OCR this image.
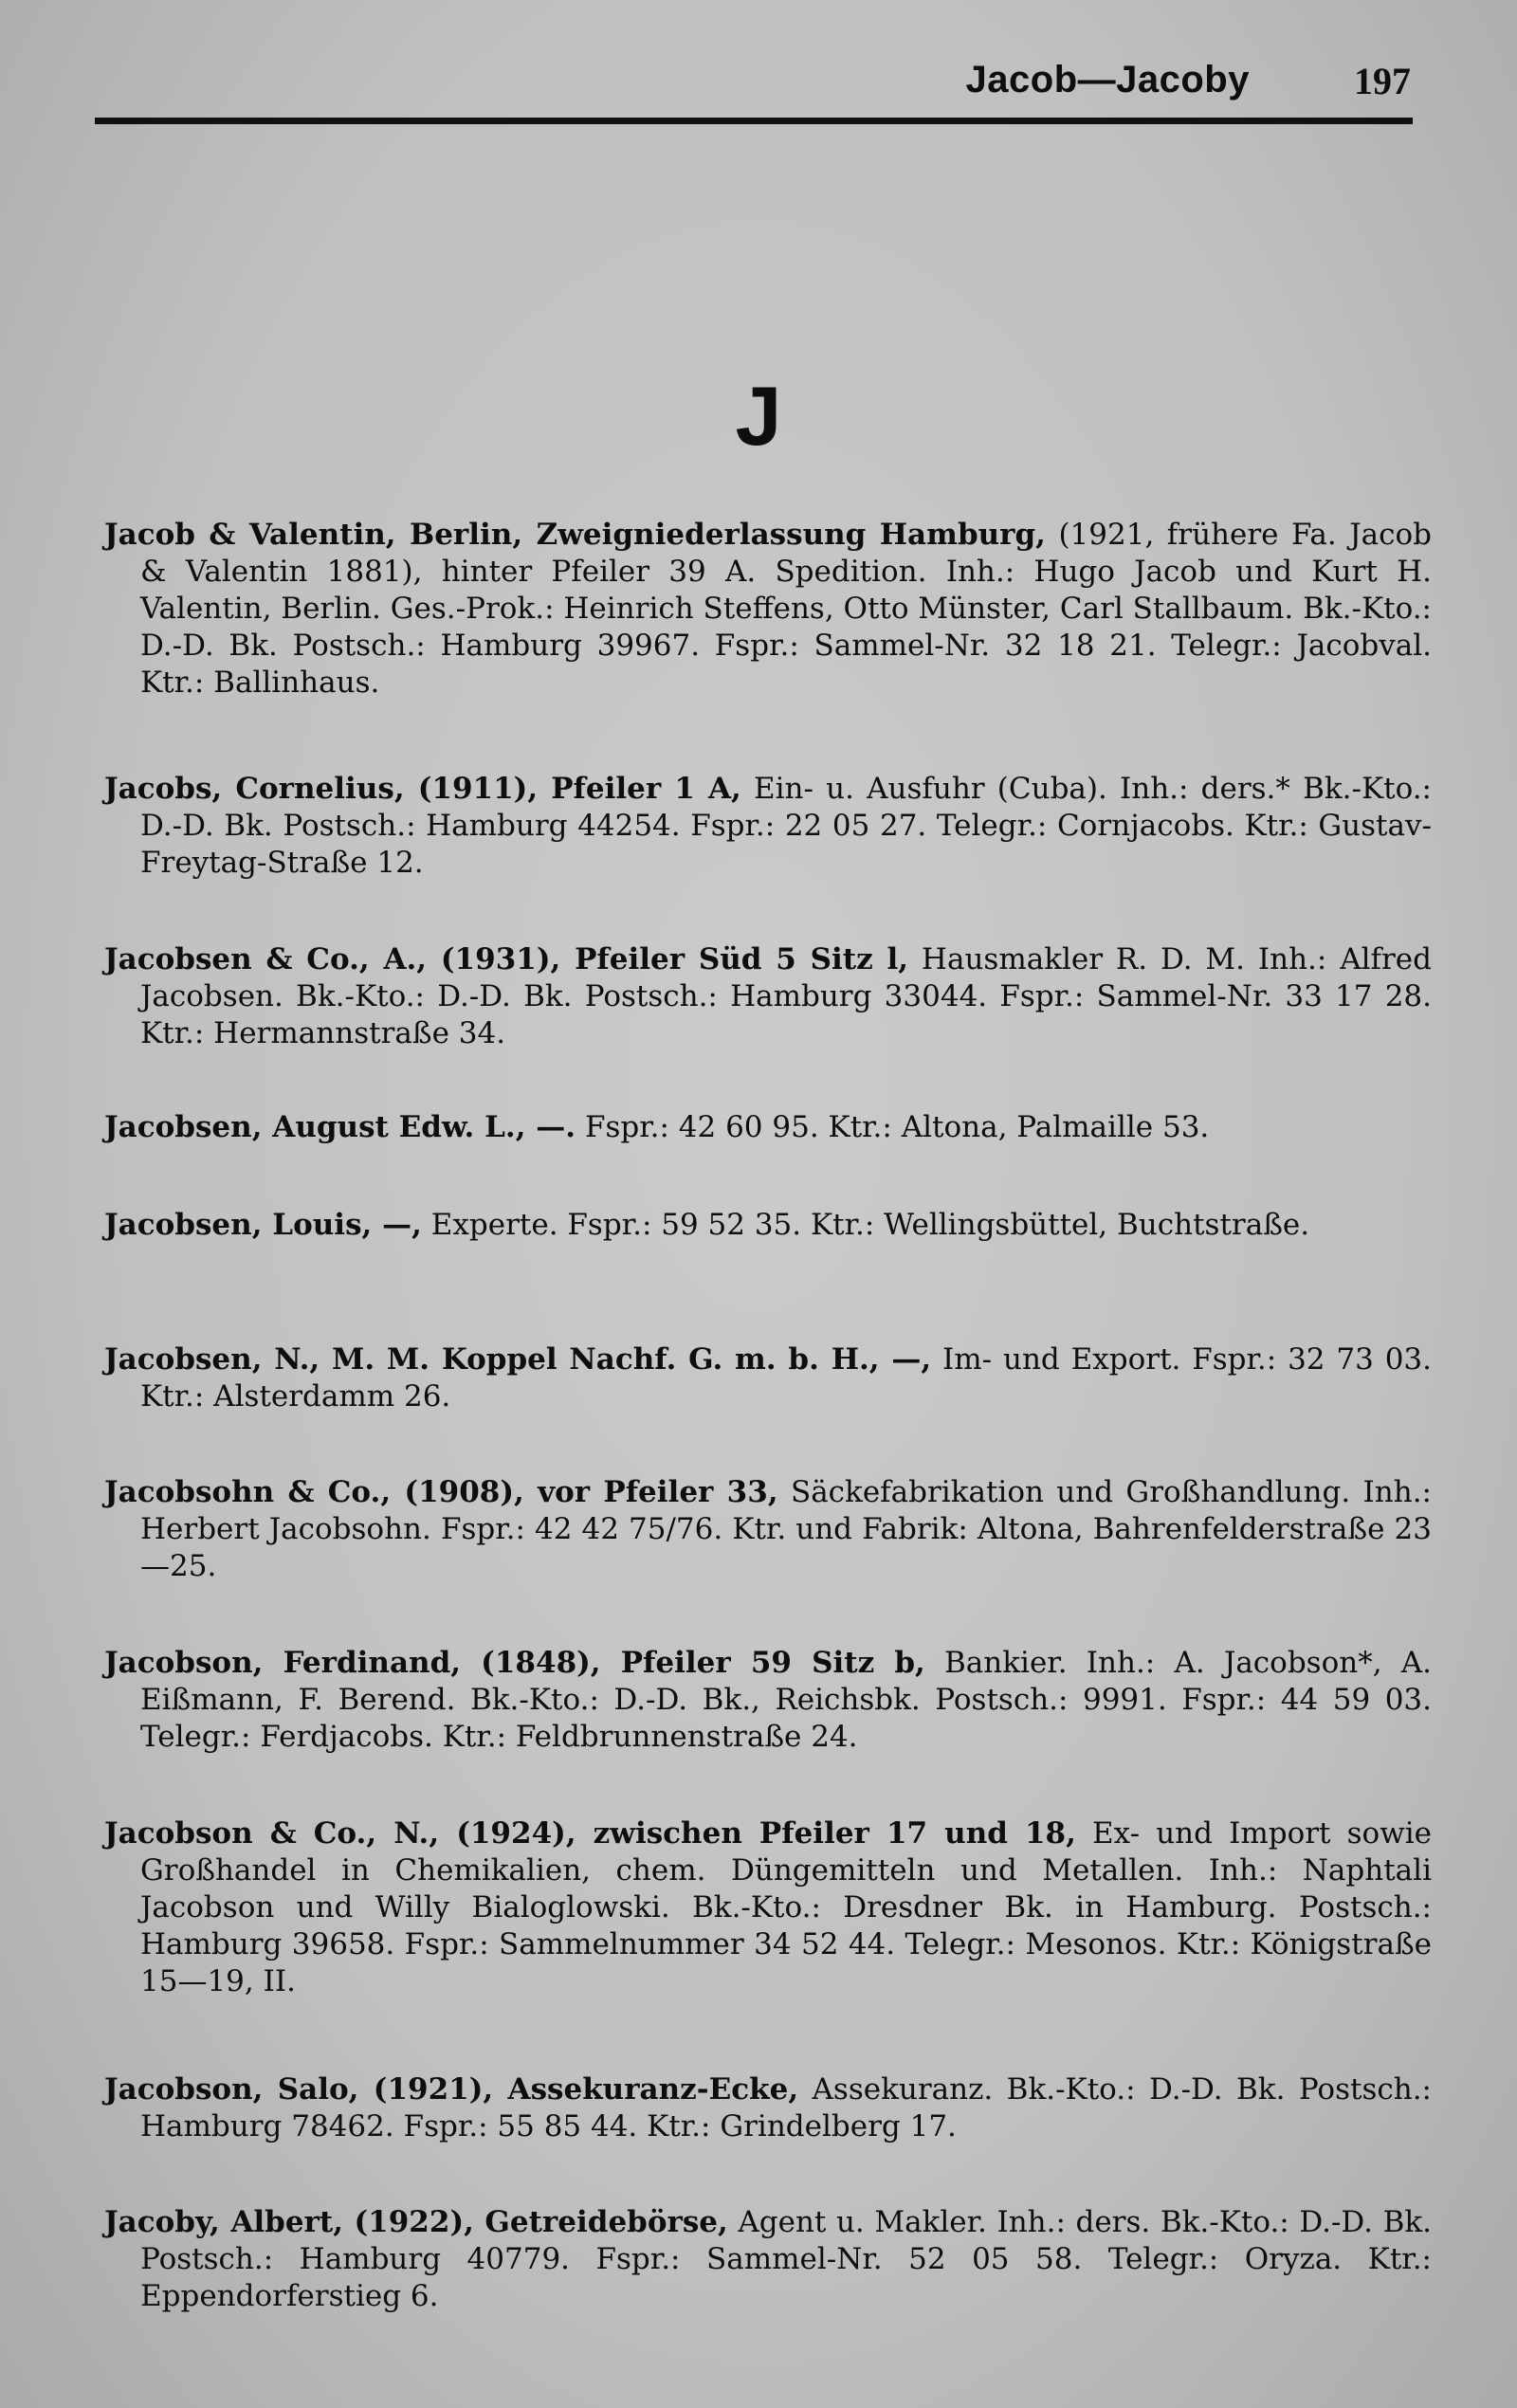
Jacob—Jacoby	197
J
Jacob & Valentin, Berlin, Zweigniederlassung Hamburg, (1921, frühere Fa. Jacob & Valentin 1881), hinter Pfeiler 39 A. Spedition. Inh.: Hugo Jacob und Kurt H. Valentin, Berlin. Ges.-Prok.: Heinrich Steffens, Otto Münster, Carl Stallbaum. Bk.-Kto.: D.-D. Bk. Postsch.: Hamburg 39967. Fspr.: Sammel-Nr. 32 18 21. Telegr.: Jacobval. Ktr.: Ballinhaus.
Jacobs, Cornelius, (1911), Pfeiler 1 A, Ein- u. Ausfuhr (Cuba). Inh.: ders.* Bk.-Kto.: D.-D. Bk. Postsch.: Hamburg 44254. Fspr.: 22 05 27. Telegr.: Cornjacobs. Ktr.: Gustav-Freytag-Straße 12.
Jacobsen & Co., A., (1931), Pfeiler Süd 5 Sitz l, Hausmakler R. D. M. Inh.: Alfred Jacobsen. Bk.-Kto.: D.-D. Bk. Postsch.: Hamburg 33044. Fspr.: Sammel-Nr. 33 17 28. Ktr.: Hermannstraße 34.
Jacobsen, August Edw. L., —. Fspr.: 42 60 95. Ktr.: Altona, Palmaille 53.
Jacobsen, Louis, —, Experte. Fspr.: 59 52 35. Ktr.: Wellingsbüttel, Buchtstraße.
Jacobsen, N., M. M. Koppel Nachf. G. m. b. H., —, Im- und Export. Fspr.: 32 73 03. Ktr.: Alsterdamm 26.
Jacobsohn & Co., (1908), vor Pfeiler 33, Säckefabrikation und Großhandlung. Inh.: Herbert Jacobsohn. Fspr.: 42 42 75/76. Ktr. und Fabrik: Altona, Bahrenfelderstraße 23—25.
Jacobson, Ferdinand, (1848), Pfeiler 59 Sitz b, Bankier. Inh.: A. Jacobson*, A. Eißmann, F. Berend. Bk.-Kto.: D.-D. Bk., Reichsbk. Postsch.: 9991. Fspr.: 44 59 03. Telegr.: Ferdjacobs. Ktr.: Feldbrunnenstraße 24.
Jacobson & Co., N., (1924), zwischen Pfeiler 17 und 18, Ex- und Import sowie Großhandel in Chemikalien, chem. Düngemitteln und Metallen. Inh.: Naphtali Jacobson und Willy Bialoglowski. Bk.-Kto.: Dresdner Bk. in Hamburg. Postsch.: Hamburg 39658. Fspr.: Sammelnummer 34 52 44. Telegr.: Mesonos. Ktr.: Königstraße 15—19, II.
Jacobson, Salo, (1921), Assekuranz-Ecke, Assekuranz. Bk.-Kto.: D.-D. Bk. Postsch.: Hamburg 78462. Fspr.: 55 85 44. Ktr.: Grindelberg 17.
Jacoby, Albert, (1922), Getreidebörse, Agent u. Makler. Inh.: ders. Bk.-Kto.: D.-D. Bk. Postsch.: Hamburg 40779. Fspr.: Sammel-Nr. 52 05 58. Telegr.: Oryza. Ktr.: Eppendorferstieg 6.
